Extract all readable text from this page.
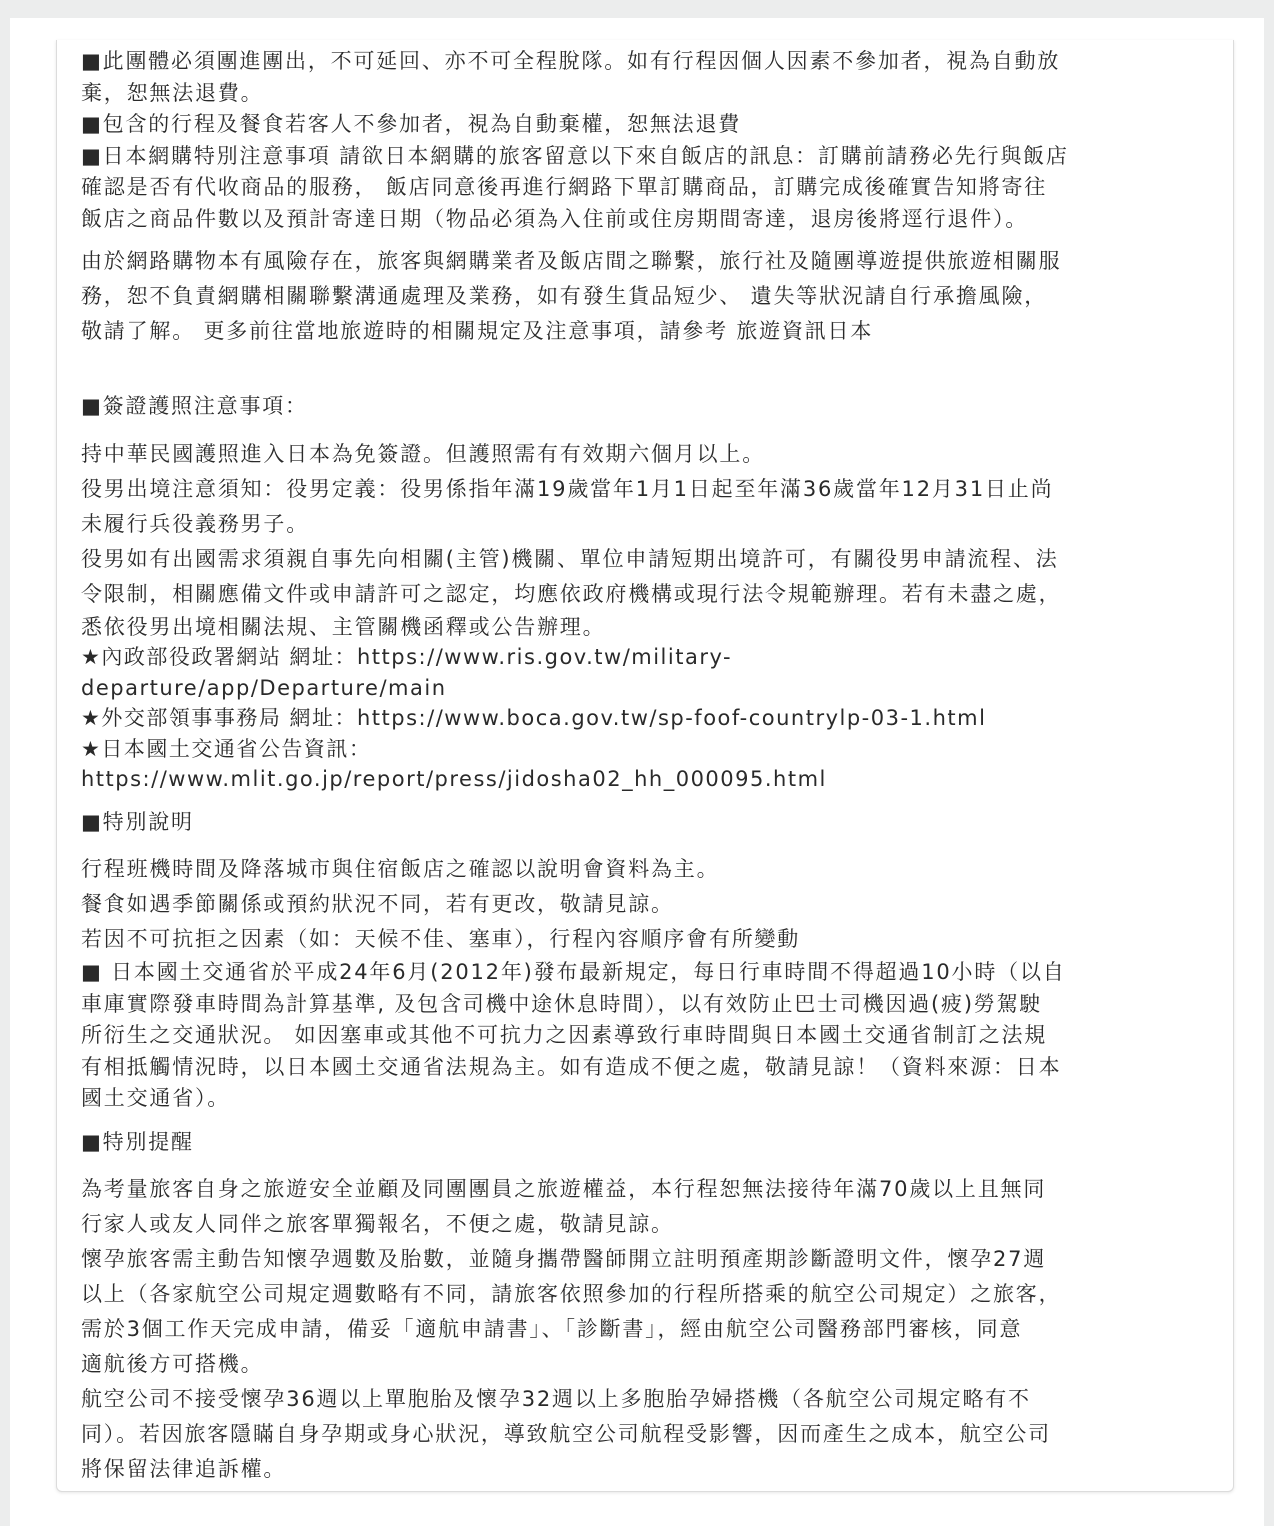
■此團體必須團進團出，不可延回、亦不可全程脫隊。如有行程因個人因素不參加者，視為自動放

棄，恕無法退費。

■包含的行程及餐食若客人不參加者，視為自動棄權，恕無法退費

■日本網購特別注意事項 請欲日本網購的旅客留意以下來自飯店的訊息：訂購前請務必先行與飯店

確認是否有代收商品的服務， 飯店同意後再進行網路下單訂購商品，訂購完成後確實告知將寄往

飯店之商品件數以及預計寄達日期（物品必須為入住前或住房期間寄達，退房後將逕行退件）。

由於網路購物本有風險存在，旅客與網購業者及飯店間之聯繫，旅行社及隨團導遊提供旅遊相關服

務，恕不負責網購相關聯繫溝通處理及業務，如有發生貨品短少、 遺失等狀況請自行承擔風險，

敬請了解。 更多前往當地旅遊時的相關規定及注意事項，請參考 旅遊資訊日本

■簽證護照注意事項：

持中華民國護照進入日本為免簽證。但護照需有有效期六個月以上。

役男出境注意須知：役男定義：役男係指年滿19歲當年1月1日起至年滿36歲當年12月31日止尚

未履行兵役義務男子。

役男如有出國需求須親自事先向相關(主管)機關、單位申請短期出境許可，有關役男申請流程、法

令限制，相關應備文件或申請許可之認定，均應依政府機構或現行法令規範辦理。若有未盡之處，

悉依役男出境相關法規、主管關機函釋或公告辦理。

★內政部役政署網站 網址：https://www.ris.gov.tw/military-

departure/app/Departure/main

★外交部領事事務局 網址：https://www.boca.gov.tw/sp-foof-countrylp-03-1.html

★日本國土交通省公告資訊：

https://www.mlit.go.jp/report/press/jidosha02_hh_000095.html

■特別說明

行程班機時間及降落城市與住宿飯店之確認以說明會資料為主。

餐食如遇季節關係或預約狀況不同，若有更改，敬請見諒。

若因不可抗拒之因素（如：天候不佳、塞車），行程內容順序會有所變動

■ 日本國土交通省於平成24年6月(2012年)發布最新規定，每日行車時間不得超過10小時（以自

車庫實際發車時間為計算基準, 及包含司機中途休息時間），以有效防止巴士司機因過(疲)勞駕駛

所衍生之交通狀況。 如因塞車或其他不可抗力之因素導致行車時間與日本國土交通省制訂之法規

有相抵觸情況時，以日本國土交通省法規為主。如有造成不便之處，敬請見諒！（資料來源：日本

國土交通省）。

■特別提醒

為考量旅客自身之旅遊安全並顧及同團團員之旅遊權益，本行程恕無法接待年滿70歲以上且無同

行家人或友人同伴之旅客單獨報名，不便之處，敬請見諒。

懷孕旅客需主動告知懷孕週數及胎數，並隨身攜帶醫師開立註明預產期診斷證明文件，懷孕27週

以上（各家航空公司規定週數略有不同，請旅客依照參加的行程所搭乘的航空公司規定）之旅客，

需於3個工作天完成申請，備妥「適航申請書」、「診斷書」，經由航空公司醫務部門審核，同意

適航後方可搭機。

航空公司不接受懷孕36週以上單胞胎及懷孕32週以上多胞胎孕婦搭機（各航空公司規定略有不

同）。若因旅客隱瞞自身孕期或身心狀況，導致航空公司航程受影響，因而產生之成本，航空公司

將保留法律追訴權。
